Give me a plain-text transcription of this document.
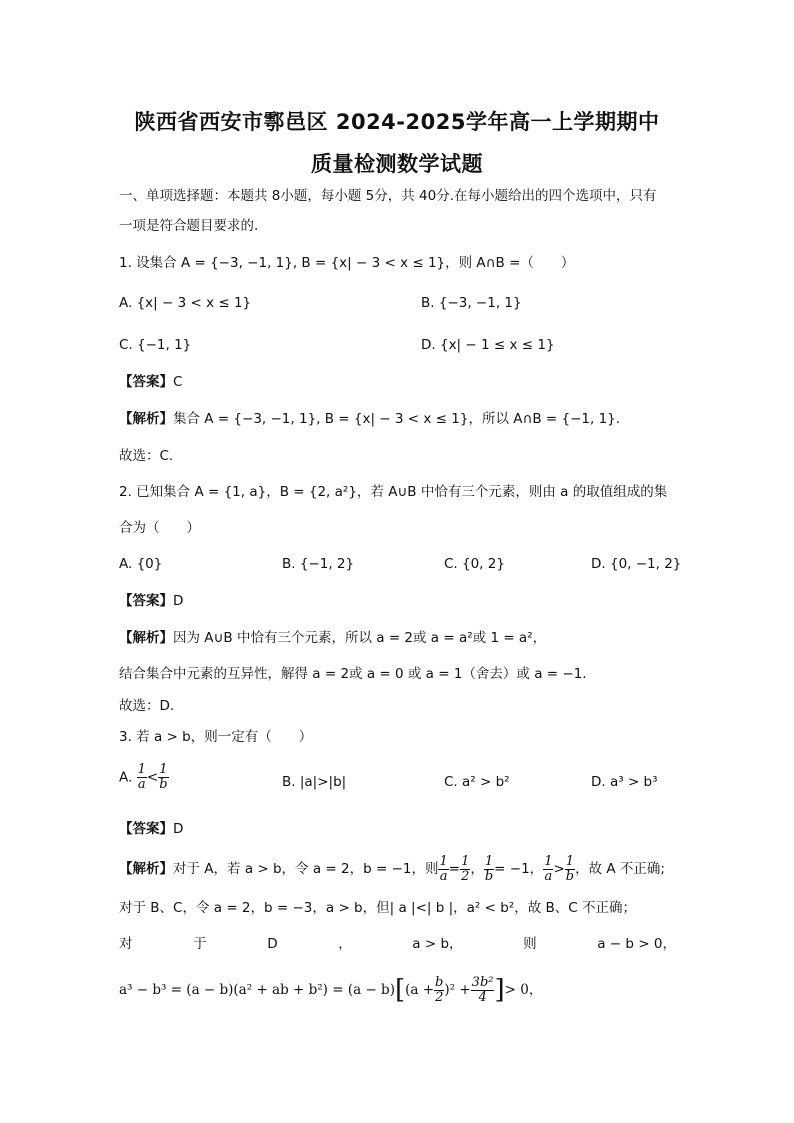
陕西省西安市鄠邑区 2024-2025学年高一上学期期中
质量检测数学试题
一、单项选择题：本题共 8小题，每小题 5分，共 40分.在每小题给出的四个选项中，只有
一项是符合题目要求的.
1. 设集合 A = {−3, −1, 1}, B = {x| − 3 < x ≤ 1}，则 A∩B =（　　）
A. {x| − 3 < x ≤ 1}	B. {−3, −1, 1}
C. {−1, 1}	D. {x| − 1 ≤ x ≤ 1}
【答案】C
【解析】集合 A = {−3, −1, 1}, B = {x| − 3 < x ≤ 1}，所以 A∩B = {−1, 1}.
故选：C.
2. 已知集合 A = {1, a}，B = {2, a²}，若 A∪B 中恰有三个元素，则由 a 的取值组成的集
合为（　　）
A. {0}	B. {−1, 2}	C. {0, 2}	D. {0, −1, 2}
【答案】D
【解析】因为 A∪B 中恰有三个元素，所以 a = 2或 a = a²或 1 = a²，
结合集合中元素的互异性，解得 a = 2或 a = 0 或 a = 1（舍去）或 a = −1.
故选：D.
3. 若 a > b，则一定有（　　）
A. $\frac{1}{a} < \frac{1}{b}$	B. |a|>|b|	C. a² > b²	D. a³ > b³
【答案】D
【解析】对于 A，若 a > b，令 a = 2，b = −1，则 $\frac{1}{a} = \frac{1}{2}$ ， $\frac{1}{b} = -1$， $\frac{1}{a} > \frac{1}{b}$ ，故 A 不正确;
对于 B、C，令 a = 2，b = −3，a > b，但| a |<| b |，a² < b²，故 B、C 不正确；
对	于	D	，	a > b，	则	a − b > 0，
a³ − b³ = (a − b)(a² + ab + $b^2) = (a - b)[(a + \frac{b}{2} )^2 + \frac{\text{3b²}}{4}$ ]> 0，
